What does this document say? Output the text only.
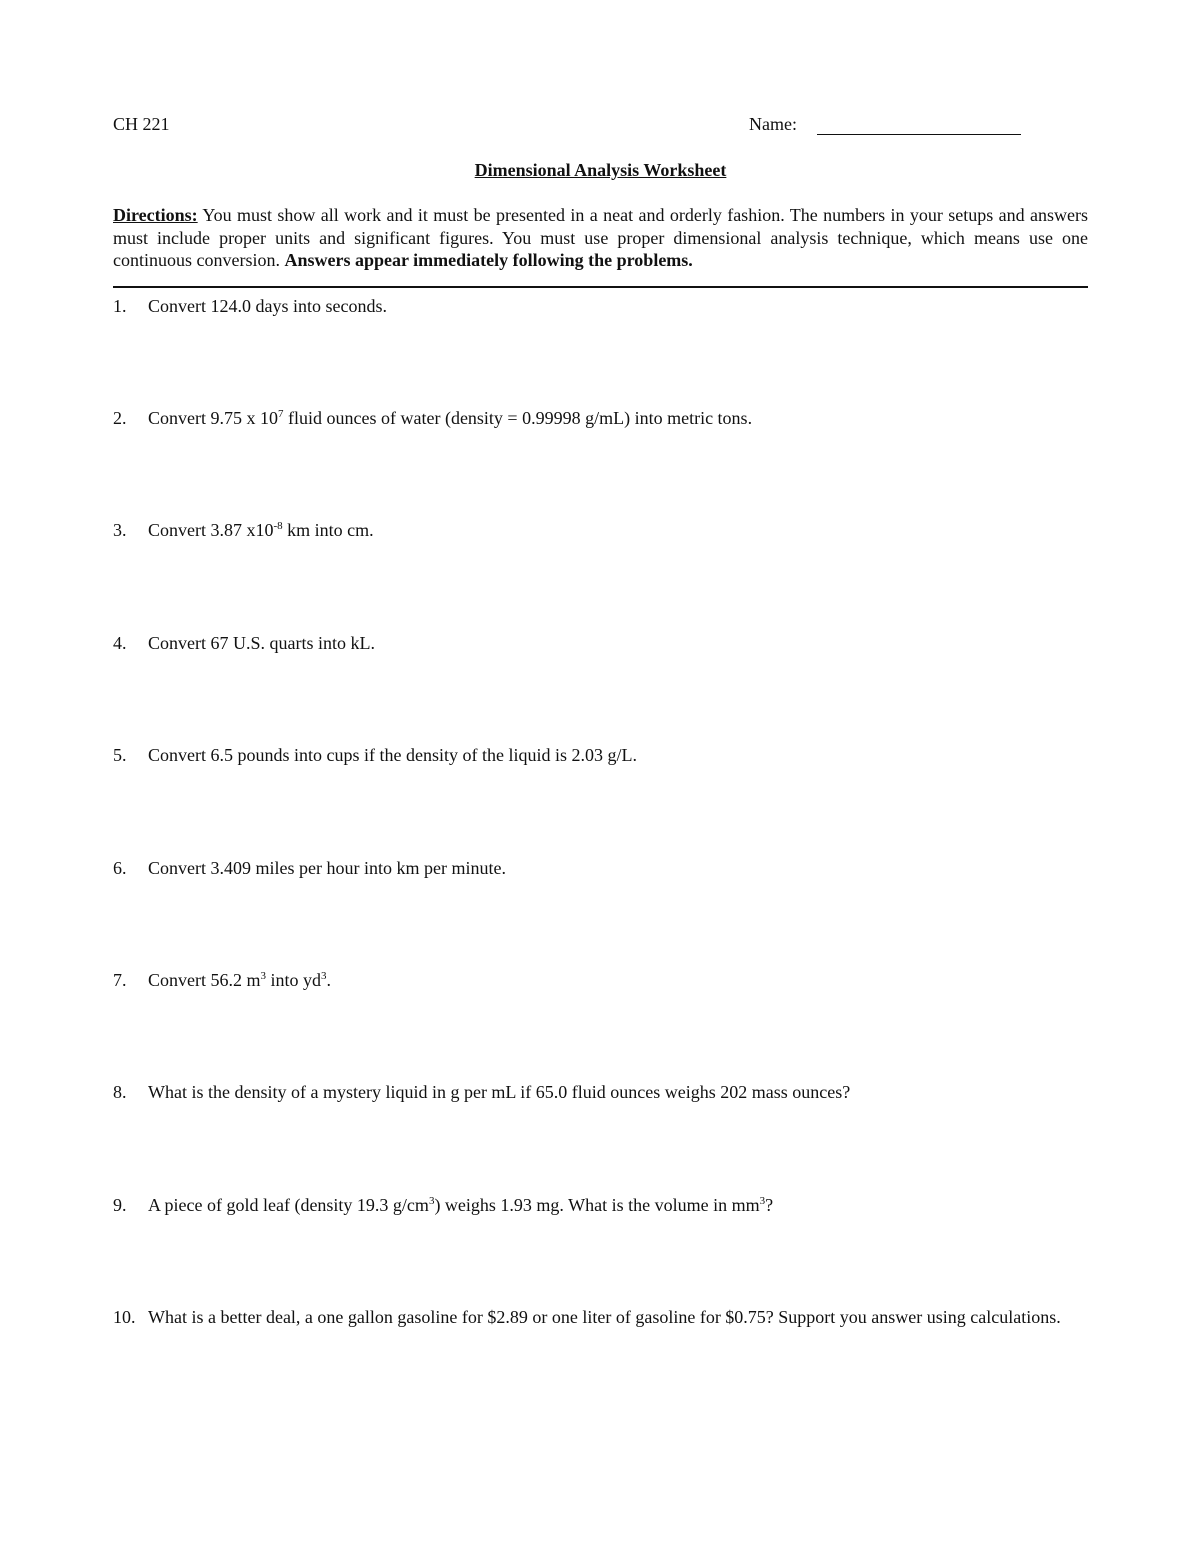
CH 221	Name:
Dimensional Analysis Worksheet
Directions: You must show all work and it must be presented in a neat and orderly fashion. The numbers in your setups and answers must include proper units and significant figures. You must use proper dimensional analysis technique, which means use one continuous conversion. Answers appear immediately following the problems.
1. Convert 124.0 days into seconds.
2. Convert 9.75 x $10^7$ fluid ounces of water (density = 0.99998 g/mL) into metric tons.
3. Convert 3.87 $x10^{-8}$ km into cm.
4. Convert 67 U.S. quarts into kL.
5. Convert 6.5 pounds into cups if the density of the liquid is 2.03 g/L.
6. Convert 3.409 miles per hour into km per minute.
7. Convert 56.2 $m^3$ into $yd^3$.
8. What is the density of a mystery liquid in g per mL if 65.0 fluid ounces weighs 202 mass ounces?
9. A piece of gold leaf (density 19.3 $g/cm^3$) weighs 1.93 mg. What is the volume in $mm^3$?
10. What is a better deal, a one gallon gasoline for $2.89 or one liter of gasoline for $0.75? Support you answer using calculations.
